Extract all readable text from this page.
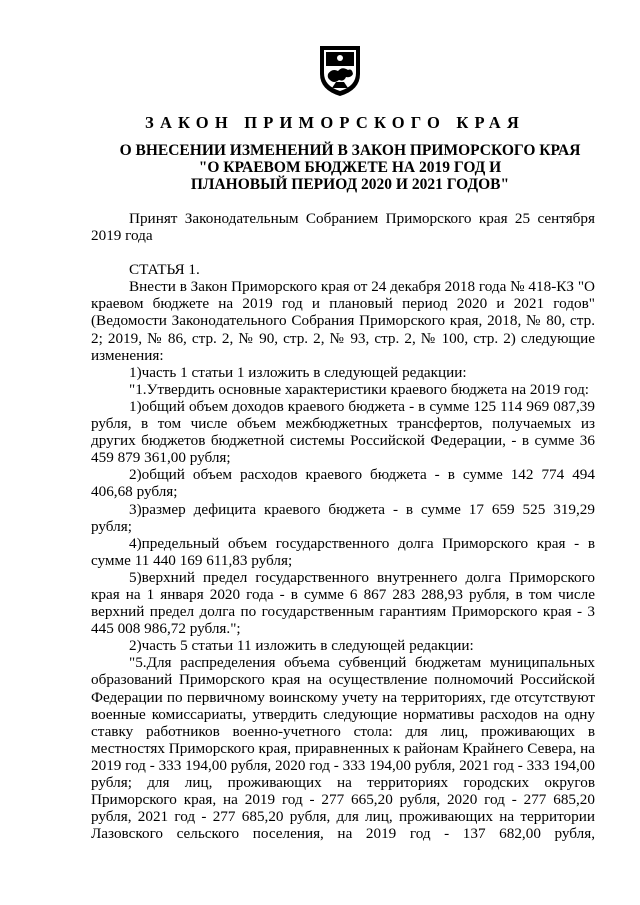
ЗАКОН ПРИМОРСКОГО КРАЯ
О ВНЕСЕНИИ ИЗМЕНЕНИЙ В ЗАКОН ПРИМОРСКОГО КРАЯ
"О КРАЕВОМ БЮДЖЕТЕ НА 2019 ГОД И
ПЛАНОВЫЙ ПЕРИОД 2020 И 2021 ГОДОВ"

Принят Законодательным Собранием Приморского края 25 сентября 2019 года

СТАТЬЯ 1.

Внести в Закон Приморского края от 24 декабря 2018 года № 418-КЗ "О краевом бюджете на 2019 год и плановый период 2020 и 2021 годов" (Ведомости Законодательного Собрания Приморского края, 2018, № 80, стр. 2; 2019, № 86, стр. 2, № 90, стр. 2, № 93, стр. 2, № 100, стр. 2) следующие изменения:

1)часть 1 статьи 1 изложить в следующей редакции:

"1.Утвердить основные характеристики краевого бюджета на 2019 год:

1)общий объем доходов краевого бюджета - в сумме 125 114 969 087,39 рубля, в том числе объем межбюджетных трансфертов, получаемых из других бюджетов бюджетной системы Российской Федерации, - в сумме 36 459 879 361,00 рубля;

2)общий объем расходов краевого бюджета - в сумме 142 774 494 406,68 рубля;

3)размер дефицита краевого бюджета - в сумме 17 659 525 319,29 рубля;

4)предельный объем государственного долга Приморского края - в сумме 11 440 169 611,83 рубля;

5)верхний предел государственного внутреннего долга Приморского края на 1 января 2020 года - в сумме 6 867 283 288,93 рубля, в том числе верхний предел долга по государственным гарантиям Приморского края - 3 445 008 986,72 рубля.";

2)часть 5 статьи 11 изложить в следующей редакции:

"5.Для распределения объема субвенций бюджетам муниципальных образований Приморского края на осуществление полномочий Российской Федерации по первичному воинскому учету на территориях, где отсутствуют военные комиссариаты, утвердить следующие нормативы расходов на одну ставку работников военно-учетного стола: для лиц, проживающих в местностях Приморского края, приравненных к районам Крайнего Севера, на 2019 год - 333 194,00 рубля, 2020 год - 333 194,00 рубля, 2021 год - 333 194,00 рубля; для лиц, проживающих на территориях городских округов Приморского края, на 2019 год - 277 665,20 рубля, 2020 год - 277 685,20 рубля, 2021 год - 277 685,20 рубля, для лиц, проживающих на территории Лазовского сельского поселения, на 2019 год - 137 682,00 рубля,
